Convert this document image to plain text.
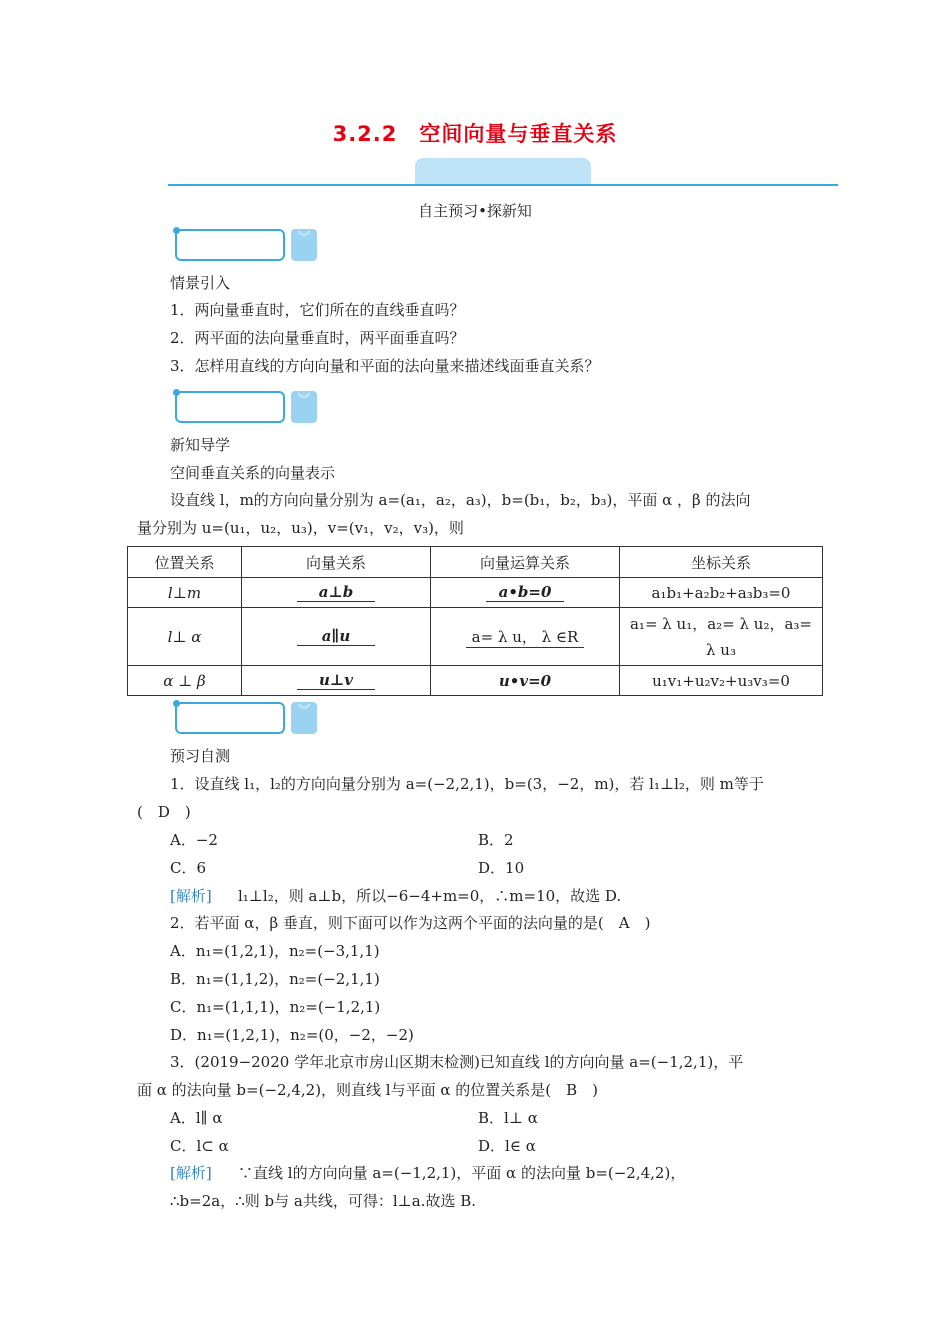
3.2.2　空间向量与垂直关系
自主预习•探新知
︾
情景引入
1．两向量垂直时，它们所在的直线垂直吗？
2．两平面的法向量垂直时，两平面垂直吗？
3．怎样用直线的方向向量和平面的法向量来描述线面垂直关系？
︾
新知导学
空间垂直关系的向量表示
设直线 l，m的方向向量分别为 a=(a₁，a₂，a₃)，b=(b₁，b₂，b₃)，平面 α ，β 的法向
量分别为 u=(u₁，u₂，u₃)，v=(v₁，v₂，v₃)，则
位置关系	向量关系	向量运算关系	坐标关系
l⊥m	a⊥b	a•b=0	a₁b₁+a₂b₂+a₃b₃=0
l⊥ α	a∥u	a= λ u， λ ∈R	a₁= λ u₁，a₂= λ u₂，a₃= λ u₃
α ⊥ β	u⊥v	u•v=0	u₁v₁+u₂v₂+u₃v₃=0
︾
预习自测
1．设直线 l₁，l₂的方向向量分别为 a=(−2,2,1)，b=(3，−2，m)，若 l₁⊥l₂，则 m等于
(　D　)
A．−2	B．2
C．6	D．10
[解析] l₁⊥l₂，则 a⊥b，所以−6−4+m=0，∴m=10，故选 D.
2．若平面 α，β 垂直，则下面可以作为这两个平面的法向量的是(　A　)
A．n₁=(1,2,1)，n₂=(−3,1,1)
B．n₁=(1,1,2)，n₂=(−2,1,1)
C．n₁=(1,1,1)，n₂=(−1,2,1)
D．n₁=(1,2,1)，n₂=(0，−2，−2)
3．(2019−2020 学年北京市房山区期末检测)已知直线 l的方向向量 a=(−1,2,1)，平
面 α 的法向量 b=(−2,4,2)，则直线 l与平面 α 的位置关系是(　B　)
A．l∥ α	B．l⊥ α
C．l⊂ α	D．l∈ α
[解析] ∵直线 l的方向向量 a=(−1,2,1)，平面 α 的法向量 b=(−2,4,2)，
∴b=2a，∴则 b与 a共线，可得：l⊥a.故选 B.
